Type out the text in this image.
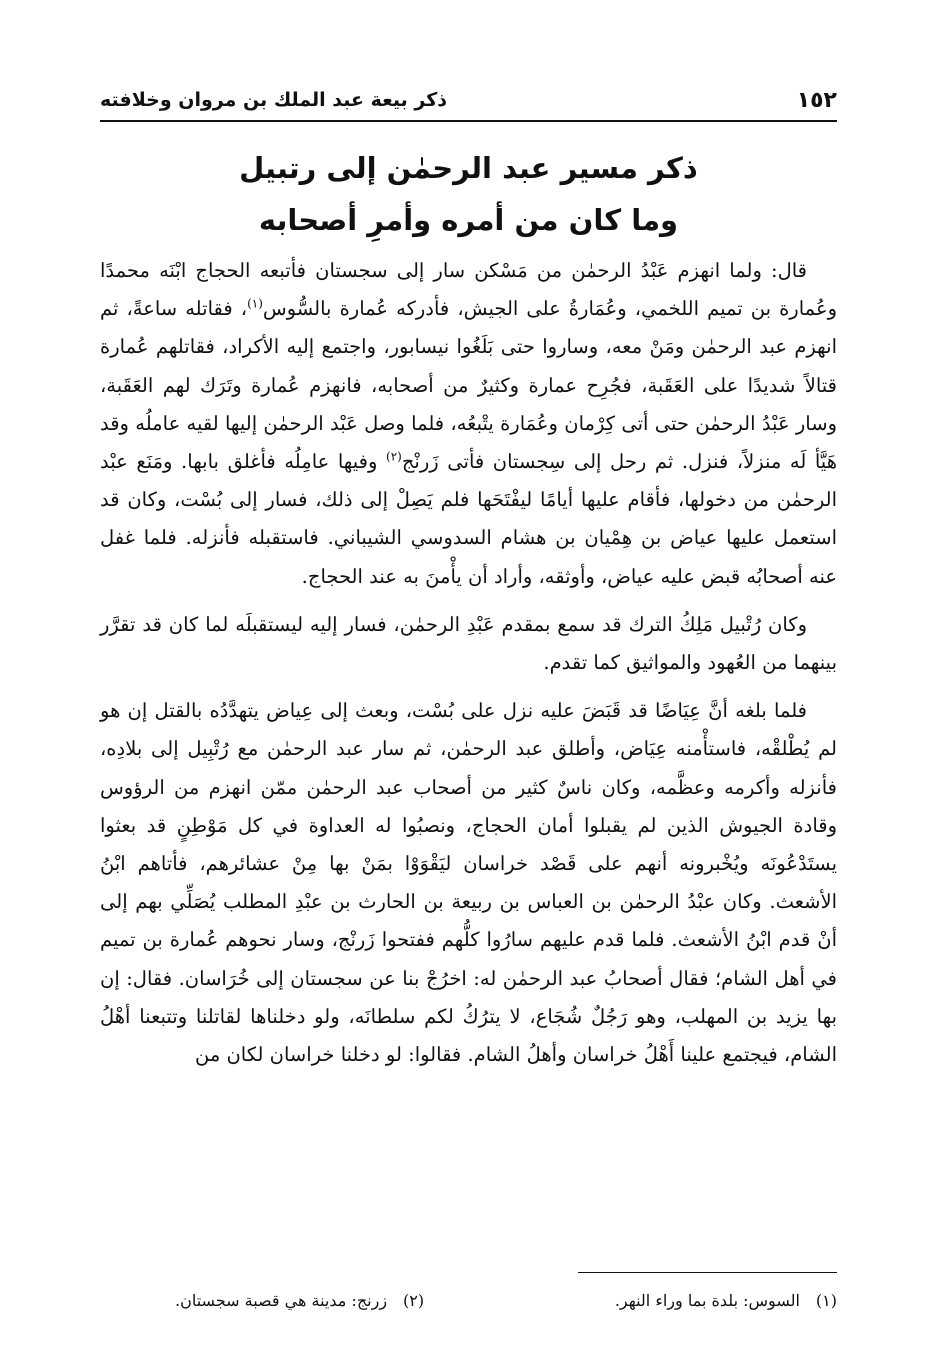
١٥٢
ذكر بيعة عبد الملك بن مروان وخلافته
ذكر مسير عبد الرحمٰن إلى رتبيل
وما كان من أمره وأمرِ أصحابه

قال: ولما انهزم عَبْدُ الرحمٰن من مَسْكن سار إلى سجستان فأتبعه الحجاج ابْنَه محمدًا وعُمارة بن تميم اللخمي، وعُمَارةُ على الجيش، فأدركه عُمارة بالسُّوس$^{(١)}$، فقاتله ساعةً، ثم انهزم عبد الرحمٰن ومَنْ معه، وساروا حتى بَلَغُوا نيسابور، واجتمع إليه الأكراد، فقاتلهم عُمارة قتالاً شديدًا على العَقَبة، فجُرِح عمارة وكثيرٌ من أصحابه، فانهزم عُمارة وتَرَك لهم العَقَبة، وسار عَبْدُ الرحمٰن حتى أتى كِرْمان وعُمَارة يتْبعُه، فلما وصل عَبْد الرحمٰن إليها لقيه عاملُه وقد هَيَّأ لَه منزلاً، فنزل. ثم رحل إلى سِجستان فأتى زَرنْج$^{(٢)}$ وفيها عامِلُه فأغلق بابها. ومَنَع عبْد الرحمٰن من دخولها، فأقام عليها أيامًا ليفْتَحَها فلم يَصِلْ إلى ذلك، فسار إلى بُسْت، وكان قد استعمل عليها عياض بن هِمْيان بن هشام السدوسي الشيباني. فاستقبله فأنزله. فلما غفل عنه أصحابُه قبض عليه عياض، وأوثقه، وأراد أن يأْمنَ به عند الحجاج.

وكان رُتْبيل مَلِكُ الترك قد سمع بمقدم عَبْدِ الرحمٰن، فسار إليه ليستقبلَه لما كان قد تقرَّر بينهما من العُهود والمواثيق كما تقدم.

فلما بلغه أنَّ عِيَاضًا قد قَبَضَ عليه نزل على بُسْت، وبعث إلى عِياض يتهدَّدُه بالقتل إن هو لم يُطْلقْه، فاستأْمنه عِيَاض، وأطلق عبد الرحمٰن، ثم سار عبد الرحمٰن مع رُتْبِيل إلى بلادِه، فأنزله وأكرمه وعظَّمه، وكان ناسٌ كثير من أصحاب عبد الرحمٰن ممّن انهزم من الرؤوس وقادة الجيوش الذين لم يقبلوا أمان الحجاج، ونصبُوا له العداوة في كل مَوْطِنٍ قد بعثوا يستَدْعُونَه ويُخْبرونه أنهم على قَصْد خراسان ليَقْوَوْا بمَنْ بها مِنْ عشائرهم، فأتاهم ابْنُ الأشعث. وكان عبْدُ الرحمٰن بن العباس بن ربيعة بن الحارث بن عبْدِ المطلب يُصَلِّي بهم إلى أنْ قدم ابْنُ الأشعث. فلما قدم عليهم سارُوا كلُّهم ففتحوا زَرنْج، وسار نحوهم عُمارة بن تميم في أهل الشام؛ فقال أصحابُ عبد الرحمٰن له: اخرُجْ بنا عن سجستان إلى خُرَاسان. فقال: إن بها يزيد بن المهلب، وهو رَجُلٌ شُجَاع، لا يترُكُ لكم سلطانَه، ولو دخلناها لقاتلنا وتتبعنا أهْلُ الشام، فيجتمع علينا أَهْلُ خراسان وأهلُ الشام. فقالوا: لو دخلنا خراسان لكان من

(١)السوس: بلدة بما وراء النهر.
(٢)زرنج: مدينة هي قصبة سجستان.
